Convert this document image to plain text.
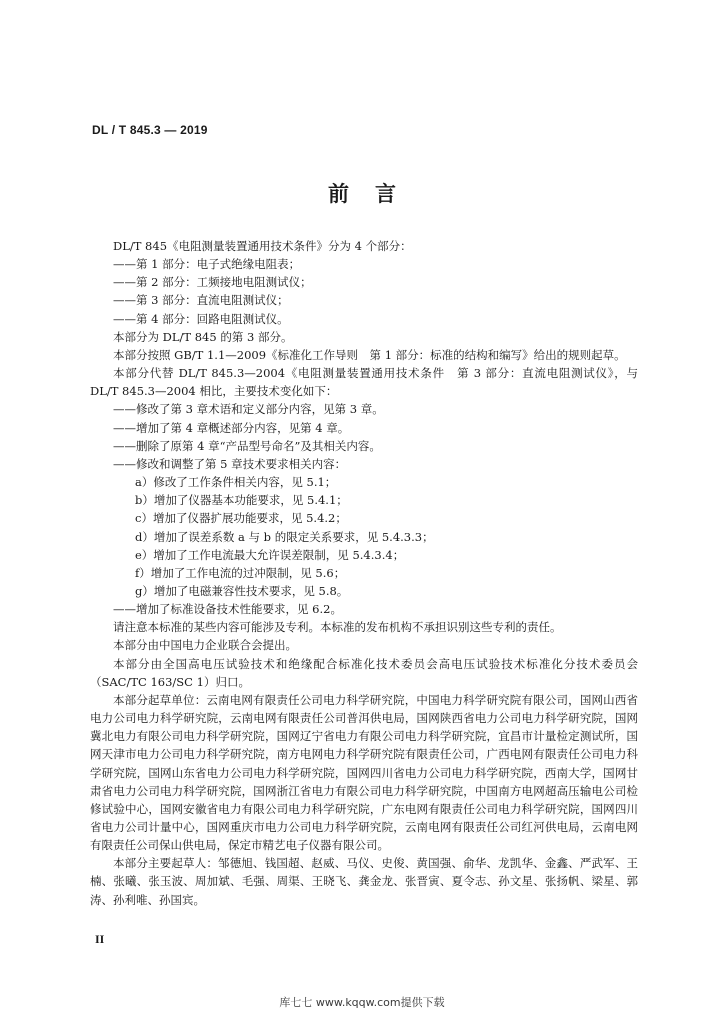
DL / T 845.3 — 2019
前言

DL/T 845《电阻测量装置通用技术条件》分为 4 个部分：

——第 1 部分：电子式绝缘电阻表；

——第 2 部分：工频接地电阻测试仪；

——第 3 部分：直流电阻测试仪；

——第 4 部分：回路电阻测试仪。

本部分为 DL/T 845 的第 3 部分。

本部分按照 GB/T 1.1—2009《标准化工作导则　第 1 部分：标准的结构和编写》给出的规则起草。

本部分代替 DL/T 845.3—2004《电阻测量装置通用技术条件　第 3 部分：直流电阻测试仪》，与 DL/T 845.3—2004 相比，主要技术变化如下：

——修改了第 3 章术语和定义部分内容，见第 3 章。

——增加了第 4 章概述部分内容，见第 4 章。

——删除了原第 4 章“产品型号命名”及其相关内容。

——修改和调整了第 5 章技术要求相关内容：

a）修改了工作条件相关内容，见 5.1；

b）增加了仪器基本功能要求，见 5.4.1；

c）增加了仪器扩展功能要求，见 5.4.2；

d）增加了误差系数 a 与 b 的限定关系要求，见 5.4.3.3；

e）增加了工作电流最大允许误差限制，见 5.4.3.4；

f）增加了工作电流的过冲限制，见 5.6；

g）增加了电磁兼容性技术要求，见 5.8。

——增加了标准设备技术性能要求，见 6.2。

请注意本标准的某些内容可能涉及专利。本标准的发布机构不承担识别这些专利的责任。

本部分由中国电力企业联合会提出。

本部分由全国高电压试验技术和绝缘配合标准化技术委员会高电压试验技术标准化分技术委员会（SAC/TC 163/SC 1）归口。

本部分起草单位：云南电网有限责任公司电力科学研究院，中国电力科学研究院有限公司，国网山西省电力公司电力科学研究院，云南电网有限责任公司普洱供电局，国网陕西省电力公司电力科学研究院，国网冀北电力有限公司电力科学研究院，国网辽宁省电力有限公司电力科学研究院，宜昌市计量检定测试所，国网天津市电力公司电力科学研究院，南方电网电力科学研究院有限责任公司，广西电网有限责任公司电力科学研究院，国网山东省电力公司电力科学研究院，国网四川省电力公司电力科学研究院，西南大学，国网甘肃省电力公司电力科学研究院，国网浙江省电力有限公司电力科学研究院，中国南方电网超高压输电公司检修试验中心，国网安徽省电力有限公司电力科学研究院，广东电网有限责任公司电力科学研究院，国网四川省电力公司计量中心，国网重庆市电力公司电力科学研究院，云南电网有限责任公司红河供电局，云南电网有限责任公司保山供电局，保定市精艺电子仪器有限公司。

本部分主要起草人：邹德旭、钱国超、赵威、马仪、史俊、黄国强、俞华、龙凯华、金鑫、严武军、王楠、张曦、张玉波、周加斌、毛强、周渠、王晓飞、龚金龙、张晋寅、夏令志、孙文星、张扬帆、梁星、郭涛、孙利唯、孙国宾。

II
库七七 www.kqqw.com提供下载
